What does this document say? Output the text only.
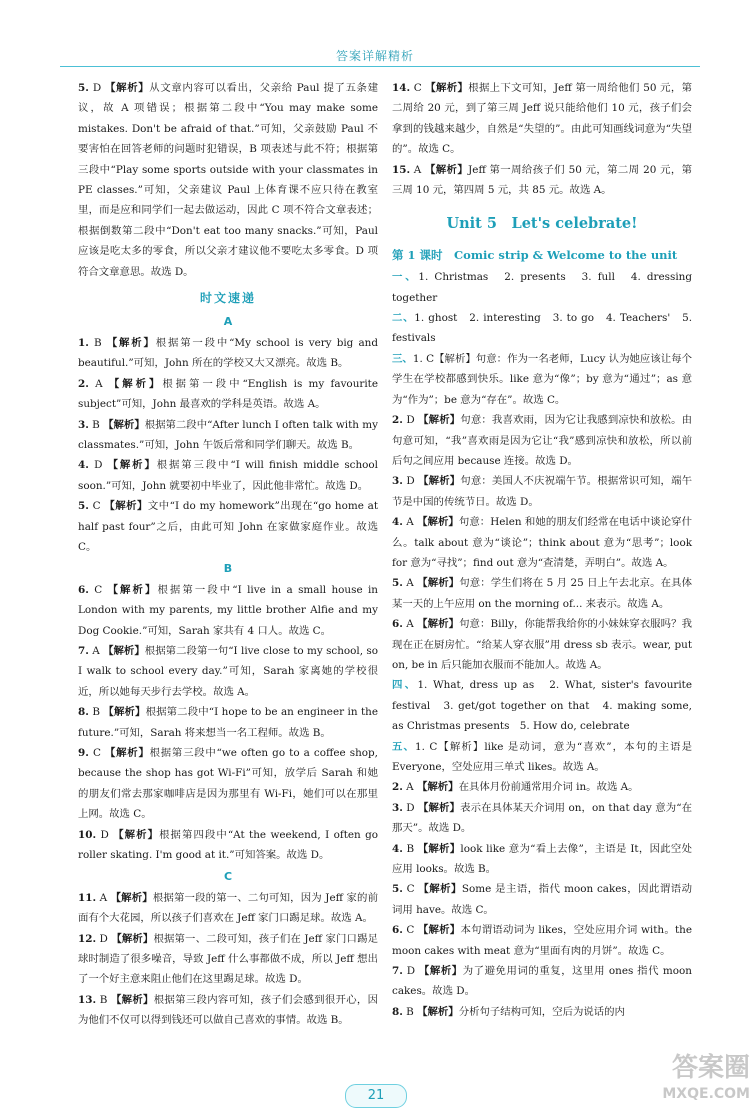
答案详解精析

5. D 【解析】从文章内容可以看出，父亲给 Paul 提了五条建议，故 A 项错误；根据第二段中“You may make some mistakes. Don't be afraid of that.”可知，父亲鼓励 Paul 不要害怕在回答老师的问题时犯错误，B 项表述与此不符；根据第三段中“Play some sports outside with your classmates in PE classes.”可知，父亲建议 Paul 上体育课不应只待在教室里，而是应和同学们一起去做运动，因此 C 项不符合文章表述；根据倒数第二段中“Don't eat too many snacks.”可知，Paul 应该是吃太多的零食，所以父亲才建议他不要吃太多零食。D 项符合文章意思。故选 D。

时文速递
A

1. B 【解析】根据第一段中“My school is very big and beautiful.”可知，John 所在的学校又大又漂亮。故选 B。

2. A 【解析】根据第一段中“English is my favourite subject”可知，John 最喜欢的学科是英语。故选 A。

3. B 【解析】根据第二段中“After lunch I often talk with my classmates.”可知，John 午饭后常和同学们聊天。故选 B。

4. D 【解析】根据第三段中“I will finish middle school soon.”可知，John 就要初中毕业了，因此他非常忙。故选 D。

5. C 【解析】文中“I do my homework”出现在“go home at half past four”之后，由此可知 John 在家做家庭作业。故选 C。

B

6. C 【解析】根据第一段中“I live in a small house in London with my parents, my little brother Alfie and my Dog Cookie.”可知，Sarah 家共有 4 口人。故选 C。

7. A 【解析】根据第二段第一句“I live close to my school, so I walk to school every day.”可知，Sarah 家离她的学校很近，所以她每天步行去学校。故选 A。

8. B 【解析】根据第二段中“I hope to be an engineer in the future.”可知，Sarah 将来想当一名工程师。故选 B。

9. C 【解析】根据第三段中“we often go to a coffee shop, because the shop has got Wi-Fi”可知，放学后 Sarah 和她的朋友们常去那家咖啡店是因为那里有 Wi-Fi，她们可以在那里上网。故选 C。

10. D 【解析】根据第四段中“At the weekend, I often go roller skating. I'm good at it.”可知答案。故选 D。

C

11. A 【解析】根据第一段的第一、二句可知，因为 Jeff 家的前面有个大花园，所以孩子们喜欢在 Jeff 家门口踢足球。故选 A。

12. D 【解析】根据第一、二段可知，孩子们在 Jeff 家门口踢足球时制造了很多噪音，导致 Jeff 什么事都做不成，所以 Jeff 想出了一个好主意来阻止他们在这里踢足球。故选 D。

13. B 【解析】根据第三段内容可知，孩子们会感到很开心，因为他们不仅可以得到钱还可以做自己喜欢的事情。故选 B。

14. C 【解析】根据上下文可知，Jeff 第一周给他们 50 元，第二周给 20 元，到了第三周 Jeff 说只能给他们 10 元，孩子们会拿到的钱越来越少，自然是“失望的”。由此可知画线词意为“失望的”。故选 C。

15. A 【解析】Jeff 第一周给孩子们 50 元，第二周 20 元，第三周 10 元，第四周 5 元，共 85 元。故选 A。

Unit 5　Let's celebrate!
第 1 课时　Comic strip & Welcome to the unit

一、1. Christmas　2. presents　3. full　4. dressing together

二、1. ghost　2. interesting　3. to go　4. Teachers'　5. festivals

三、1. C【解析】句意：作为一名老师，Lucy 认为她应该让每个学生在学校都感到快乐。like 意为“像”；by 意为“通过”；as 意为“作为”；be 意为“存在”。故选 C。

2. D 【解析】句意：我喜欢雨，因为它让我感到凉快和放松。由句意可知，“我”喜欢雨是因为它让“我”感到凉快和放松，所以前后句之间应用 because 连接。故选 D。

3. D 【解析】句意：美国人不庆祝端午节。根据常识可知，端午节是中国的传统节日。故选 D。

4. A 【解析】句意：Helen 和她的朋友们经常在电话中谈论穿什么。talk about 意为“谈论”；think about 意为“思考”；look for 意为“寻找”；find out 意为“查清楚，弄明白”。故选 A。

5. A 【解析】句意：学生们将在 5 月 25 日上午去北京。在具体某一天的上午应用 on the morning of... 来表示。故选 A。

6. A 【解析】句意：Billy，你能帮我给你的小妹妹穿衣服吗？我现在正在厨房忙。“给某人穿衣服”用 dress sb 表示。wear, put on, be in 后只能加衣服而不能加人。故选 A。

四、1. What, dress up as　2. What, sister's favourite festival　3. get/got together on that　4. making some, as Christmas presents　5. How do, celebrate

五、1. C【解析】like 是动词，意为“喜欢”，本句的主语是 Everyone，空处应用三单式 likes。故选 A。

2. A 【解析】在具体月份前通常用介词 in。故选 A。

3. D 【解析】表示在具体某天介词用 on，on that day 意为“在那天”。故选 D。

4. B 【解析】look like 意为“看上去像”，主语是 It，因此空处应用 looks。故选 B。

5. C 【解析】Some 是主语，指代 moon cakes，因此谓语动词用 have。故选 C。

6. C 【解析】本句谓语动词为 likes，空处应用介词 with。the moon cakes with meat 意为“里面有肉的月饼”。故选 C。

7. D 【解析】为了避免用词的重复，这里用 ones 指代 moon cakes。故选 D。

8. B 【解析】分析句子结构可知，空后为说话的内

21
答案圈
MXQE.COM
